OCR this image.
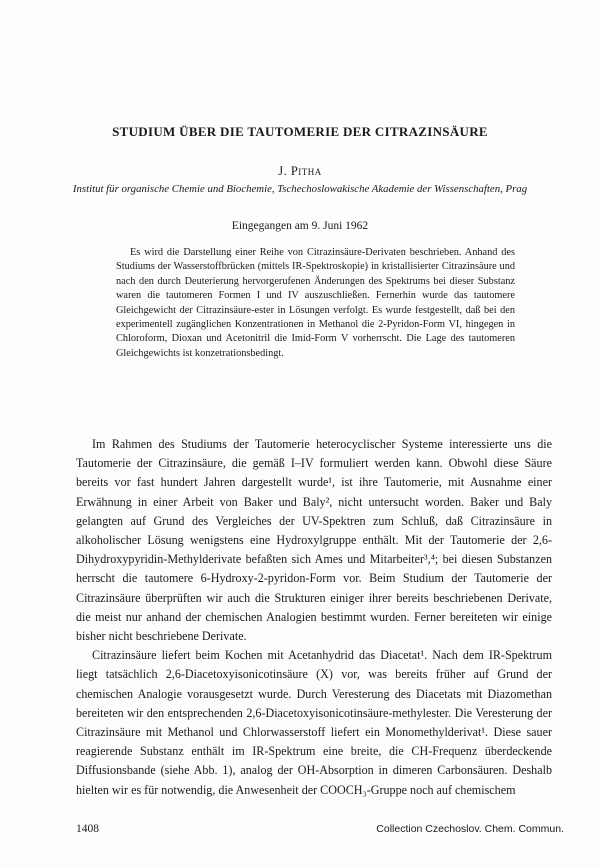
STUDIUM ÜBER DIE TAUTOMERIE DER CITRAZINSÄURE
J. Pitha
Institut für organische Chemie und Biochemie, Tschechoslowakische Akademie der Wissenschaften, Prag
Eingegangen am 9. Juni 1962

Es wird die Darstellung einer Reihe von Citrazinsäure-Derivaten beschrieben. Anhand des Studiums der Wasserstoffbrücken (mittels IR-Spektroskopie) in kristallisierter Citrazinsäure und nach den durch Deuterierung hervorgerufenen Änderungen des Spektrums bei dieser Substanz waren die tautomeren Formen I und IV auszuschließen. Fernerhin wurde das tautomere Gleichgewicht der Citrazinsäure-ester in Lösungen verfolgt. Es wurde festgestellt, daß bei den experimentell zugänglichen Konzentrationen in Methanol die 2-Pyridon-Form VI, hingegen in Chloroform, Dioxan und Acetonitril die Imid-Form V vorherrscht. Die Lage des tautomeren Gleichgewichts ist konzetrationsbedingt.

Im Rahmen des Studiums der Tautomerie heterocyclischer Systeme interessierte uns die Tautomerie der Citrazinsäure, die gemäß I–IV formuliert werden kann. Obwohl diese Säure bereits vor fast hundert Jahren dargestellt wurde¹, ist ihre Tautomerie, mit Ausnahme einer Erwähnung in einer Arbeit von Baker und Baly², nicht untersucht worden. Baker und Baly gelangten auf Grund des Vergleiches der UV-Spektren zum Schluß, daß Citrazinsäure in alkoholischer Lösung wenigstens eine Hydroxylgruppe enthält. Mit der Tautomerie der 2,6-Dihydroxypyridin-Methylderivate befaßten sich Ames und Mitarbeiter³,⁴; bei diesen Substanzen herrscht die tautomere 6-Hydroxy-2-pyridon-Form vor. Beim Studium der Tautomerie der Citrazinsäure überprüften wir auch die Strukturen einiger ihrer bereits beschriebenen Derivate, die meist nur anhand der chemischen Analogien bestimmt wurden. Ferner bereiteten wir einige bisher nicht beschriebene Derivate.

Citrazinsäure liefert beim Kochen mit Acetanhydrid das Diacetat¹. Nach dem IR-Spektrum liegt tatsächlich 2,6-Diacetoxyisonicotinsäure (X) vor, was bereits früher auf Grund der chemischen Analogie vorausgesetzt wurde. Durch Veresterung des Diacetats mit Diazomethan bereiteten wir den entsprechenden 2,6-Diacetoxyisonicotinsäure-methylester. Die Veresterung der Citrazinsäure mit Methanol und Chlorwasserstoff liefert ein Monomethylderivat¹. Diese sauer reagierende Substanz enthält im IR-Spektrum eine breite, die CH-Frequenz überdeckende Diffusionsbande (siehe Abb. 1), analog der OH-Absorption in dimeren Carbonsäuren. Deshalb hielten wir es für notwendig, die Anwesenheit der COOCH₃-Gruppe noch auf chemischem

1408	Collection Czechoslov. Chem. Commun.
